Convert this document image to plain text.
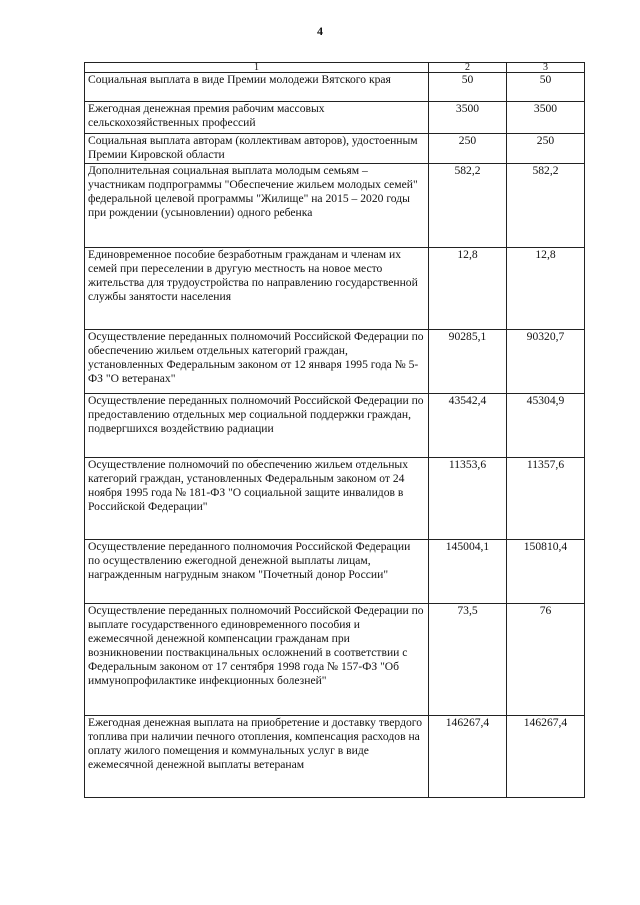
4
1	2	3
Социальная выплата в виде Премии молодежи Вятского края	50	50
Ежегодная денежная премия рабочим массовых сельскохозяйственных профессий	3500	3500
Социальная выплата авторам (коллективам авторов), удостоенным Премии Кировской области	250	250
Дополнительная социальная выплата молодым семьям – участникам подпрограммы "Обеспечение жильем молодых семей" федеральной целевой программы "Жилище" на 2015 – 2020 годы при рождении (усыновлении) одного ребенка	582,2	582,2
Единовременное пособие безработным гражданам и членам их семей при переселении в другую местность на новое место жительства для трудоустройства по направлению государственной службы занятости населения	12,8	12,8
Осуществление переданных полномочий Российской Федерации по обеспечению жильем отдельных категорий граждан, установленных Федеральным законом от 12 января 1995 года № 5-ФЗ "О ветеранах"	90285,1	90320,7
Осуществление переданных полномочий Российской Федерации по предоставлению отдельных мер социальной поддержки граждан, подвергшихся воздействию радиации	43542,4	45304,9
Осуществление полномочий по обеспечению жильем отдельных категорий граждан, установленных Федеральным законом от 24 ноября 1995 года № 181-ФЗ "О социальной защите инвалидов в Российской Федерации"	11353,6	11357,6
Осуществление переданного полномочия Российской Федерации по осуществлению ежегодной денежной выплаты лицам, награжденным нагрудным знаком "Почетный донор России"	145004,1	150810,4
Осуществление переданных полномочий Российской Федерации по выплате государственного единовременного пособия и ежемесячной денежной компенсации гражданам при возникновении поствакцинальных осложнений в соответствии с Федеральным законом от 17 сентября 1998 года № 157-ФЗ "Об иммунопрофилактике инфекционных болезней"	73,5	76
Ежегодная денежная выплата на приобретение и доставку твердого топлива при наличии печного отопления, компенсация расходов на оплату жилого помещения и коммунальных услуг в виде ежемесячной денежной выплаты ветеранам	146267,4	146267,4
